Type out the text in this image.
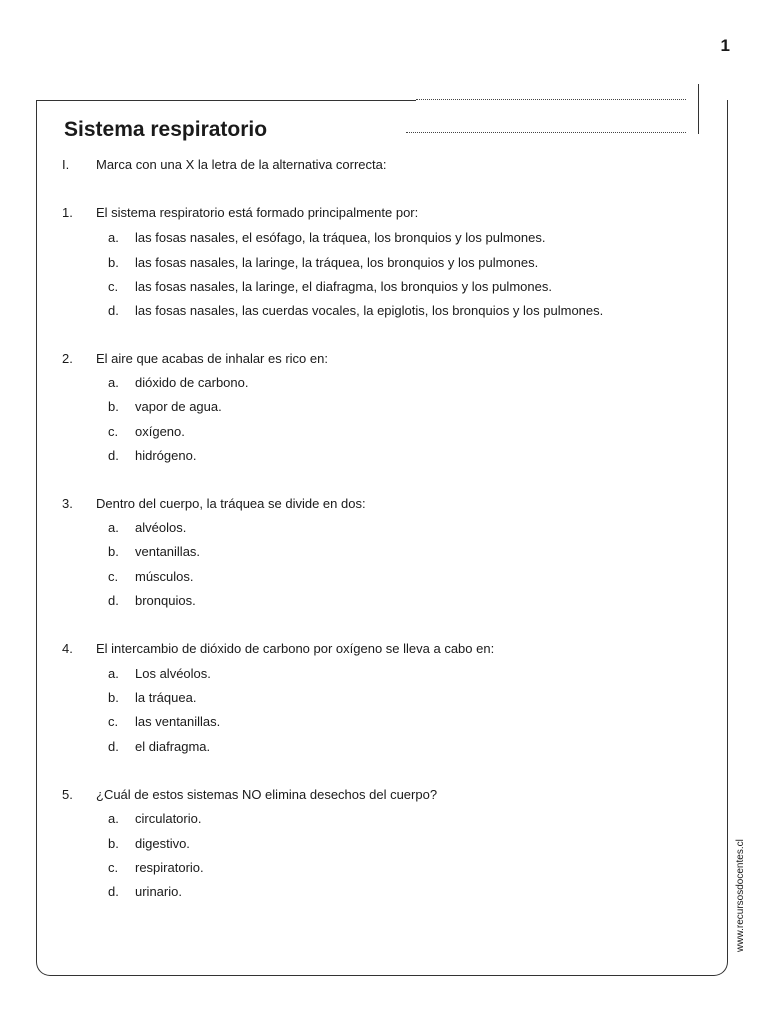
1
Sistema respiratorio
I. Marca con una X la letra de la alternativa correcta:
1. El sistema respiratorio está formado principalmente por:
a. las fosas nasales, el esófago, la tráquea, los bronquios y los pulmones.
b. las fosas nasales, la laringe, la tráquea, los bronquios y los pulmones.
c. las fosas nasales, la laringe, el diafragma, los bronquios y los pulmones.
d. las fosas nasales, las cuerdas vocales, la epiglotis, los bronquios y los pulmones.
2. El aire que acabas de inhalar es rico en:
a. dióxido de carbono.
b. vapor de agua.
c. oxígeno.
d. hidrógeno.
3. Dentro del cuerpo, la tráquea se divide en dos:
a. alvéolos.
b. ventanillas.
c. músculos.
d. bronquios.
4. El intercambio de dióxido de carbono por oxígeno se lleva a cabo en:
a. Los alvéolos.
b. la tráquea.
c. las ventanillas.
d. el diafragma.
5. ¿Cuál de estos sistemas NO elimina desechos del cuerpo?
a. circulatorio.
b. digestivo.
c. respiratorio.
d. urinario.	www.recursosdocentes.cl
